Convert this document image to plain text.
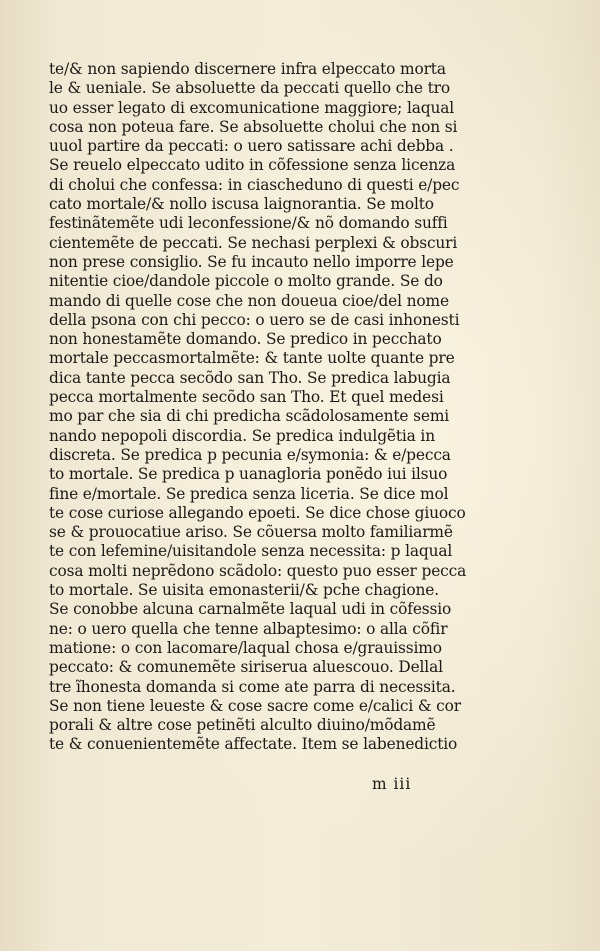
te/& non sapiendo discernere infra elpeccato morta
le & ueniale. Se absoluette da peccati quello che tro
uo esser legato di excomunicatione maggiore; laqual
cosa non poteua fare. Se absoluette cholui che non si
uuol partire da peccati: o uero satissare achi debba .
Se reuelo elpeccato udito in cõfessione senza licenza
di cholui che confessa: in ciascheduno di questi e/pec
cato mortale/& nollo iscusa laignorantia. Se molto
festinãtemẽte udi leconfessione/& nõ domando suffi
cientemẽte de peccati. Se nechasi perplexi & obscuri
non prese consiglio. Se fu incauto nello imporre lepe
nitentie cioe/dandole piccole o molto grande. Se do
mando di quelle cose che non doueua cioe/del nome
della psona con chi pecco: o uero se de casi inhonesti
non honestamẽte domando. Se predico in pecchato
mortale peccasmortalmẽte: & tante uolte quante pre
dica tante pecca secõdo san Tho. Se predica labugia
pecca mortalmente secõdo san Tho. Et quel medesi
mo par che sia di chi predicha scãdolosamente semi
nando nepopoli discordia. Se predica indulgẽtia in
discreta. Se predica p pecunia e/symonia: & e/pecca
to mortale. Se predica p uanagloria ponẽdo iui ilsuo
fine e/mortale. Se predica senza liceтia. Se dice mol
te cose curiose allegando epoeti. Se dice chose giuoco
se & prouocatiue ariso. Se cõuersa molto familiarmẽ
te con lefemine/uisitandole senza necessita: p laqual
cosa molti neprẽdono scãdolo: questo puo esser pecca
to mortale. Se uisita emonasterii/& pche chagione.
Se conobbe alcuna carnalmẽte laqual udi in cõfessio
ne: o uero quella che tenne albaptesimo: o alla cõfir
matione: o con lacomare/laqual chosa e/grauissimo
peccato: & comunemẽte siriserua aluescouo. Dellal
tre ĩhonesta domanda si come ate parra di necessita.
Se non tiene leueste & cose sacre come e/calici & cor
porali & altre cose petinẽti alculto diuino/mõdamẽ
te & conuenientemẽte affectate. Item se labenedictio
m iii
